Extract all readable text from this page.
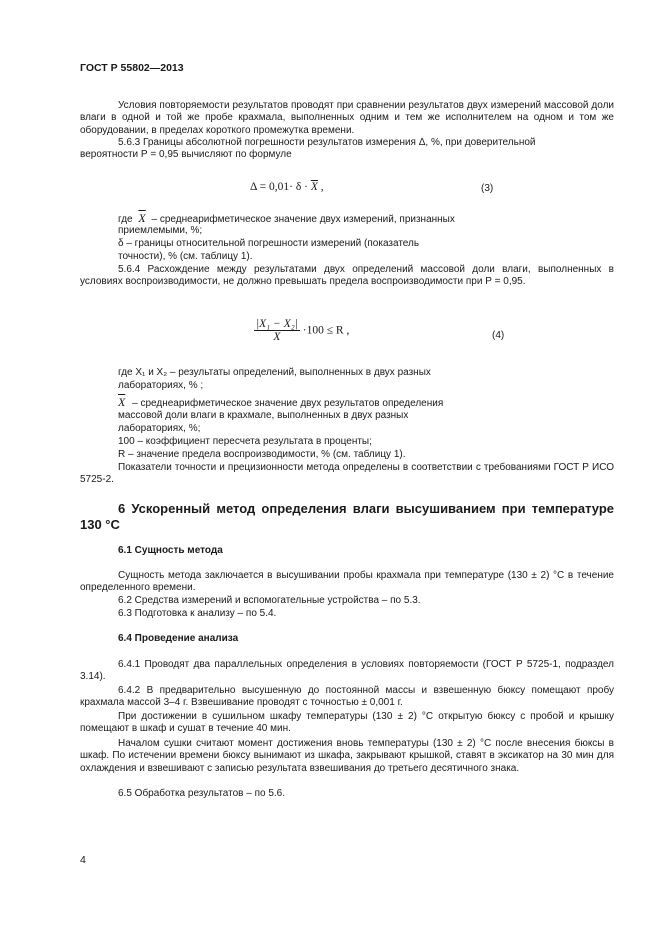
ГОСТ Р 55802—2013
Условия повторяемости результатов проводят при сравнении результатов двух измерений массовой доли влаги в одной и той же пробе крахмала, выполненных одним и тем же исполнителем на одном и том же оборудовании, в пределах короткого промежутка времени.
5.6.3 Границы абсолютной погрешности результатов измерения Δ, %, при доверительной
вероятности Р = 0,95 вычисляют по формуле
$\Delta = 0,01\cdot \delta \cdot \overline{X}$ ,	(3)
где $\overline{X}$ – среднеарифметическое значение двух измерений, признанных
приемлемыми, %;
δ – границы относительной погрешности измерений (показатель
точности), % (см. таблицу 1).
5.6.4 Расхождение между результатами двух определений массовой доли влаги, выполненных в условиях воспроизводимости, не должно превышать предела воспроизводимости при Р = 0,95.
$\frac{\text{|X₁ − X₂|}}{X} \cdot 100 \le R$ ,	(4)
где X₁ и X₂ – результаты определений, выполненных в двух разных
лабораториях, % ;
$\overline{X}$ – среднеарифметическое значение двух результатов определения
массовой доли влаги в крахмале, выполненных в двух разных
лабораториях, %;
100 – коэффициент пересчета результата в проценты;
R – значение предела воспроизводимости, % (см. таблицу 1).
Показатели точности и прецизионности метода определены в соответствии с требованиями ГОСТ Р ИСО 5725-2.
6 Ускоренный метод определения влаги высушиванием при температуре 130 °С
6.1 Сущность метода
Сущность метода заключается в высушивании пробы крахмала при температуре (130 ± 2) °С в течение определенного времени.
6.2 Средства измерений и вспомогательные устройства – по 5.3.
6.3 Подготовка к анализу – по 5.4.
6.4 Проведение анализа
6.4.1 Проводят два параллельных определения в условиях повторяемости (ГОСТ Р 5725-1, подраздел 3.14).
6.4.2 В предварительно высушенную до постоянной массы и взвешенную бюксу помещают пробу крахмала массой 3–4 г. Взвешивание проводят с точностью ± 0,001 г.
При достижении в сушильном шкафу температуры (130 ± 2) °С открытую бюксу с пробой и крышку помещают в шкаф и сушат в течение 40 мин.
Началом сушки считают момент достижения вновь температуры (130 ± 2) °С после внесения бюксы в шкаф. По истечении времени бюксу вынимают из шкафа, закрывают крышкой, ставят в эксикатор на 30 мин для охлаждения и взвешивают с записью результата взвешивания до третьего десятичного знака.
6.5 Обработка результатов – по 5.6.
4
